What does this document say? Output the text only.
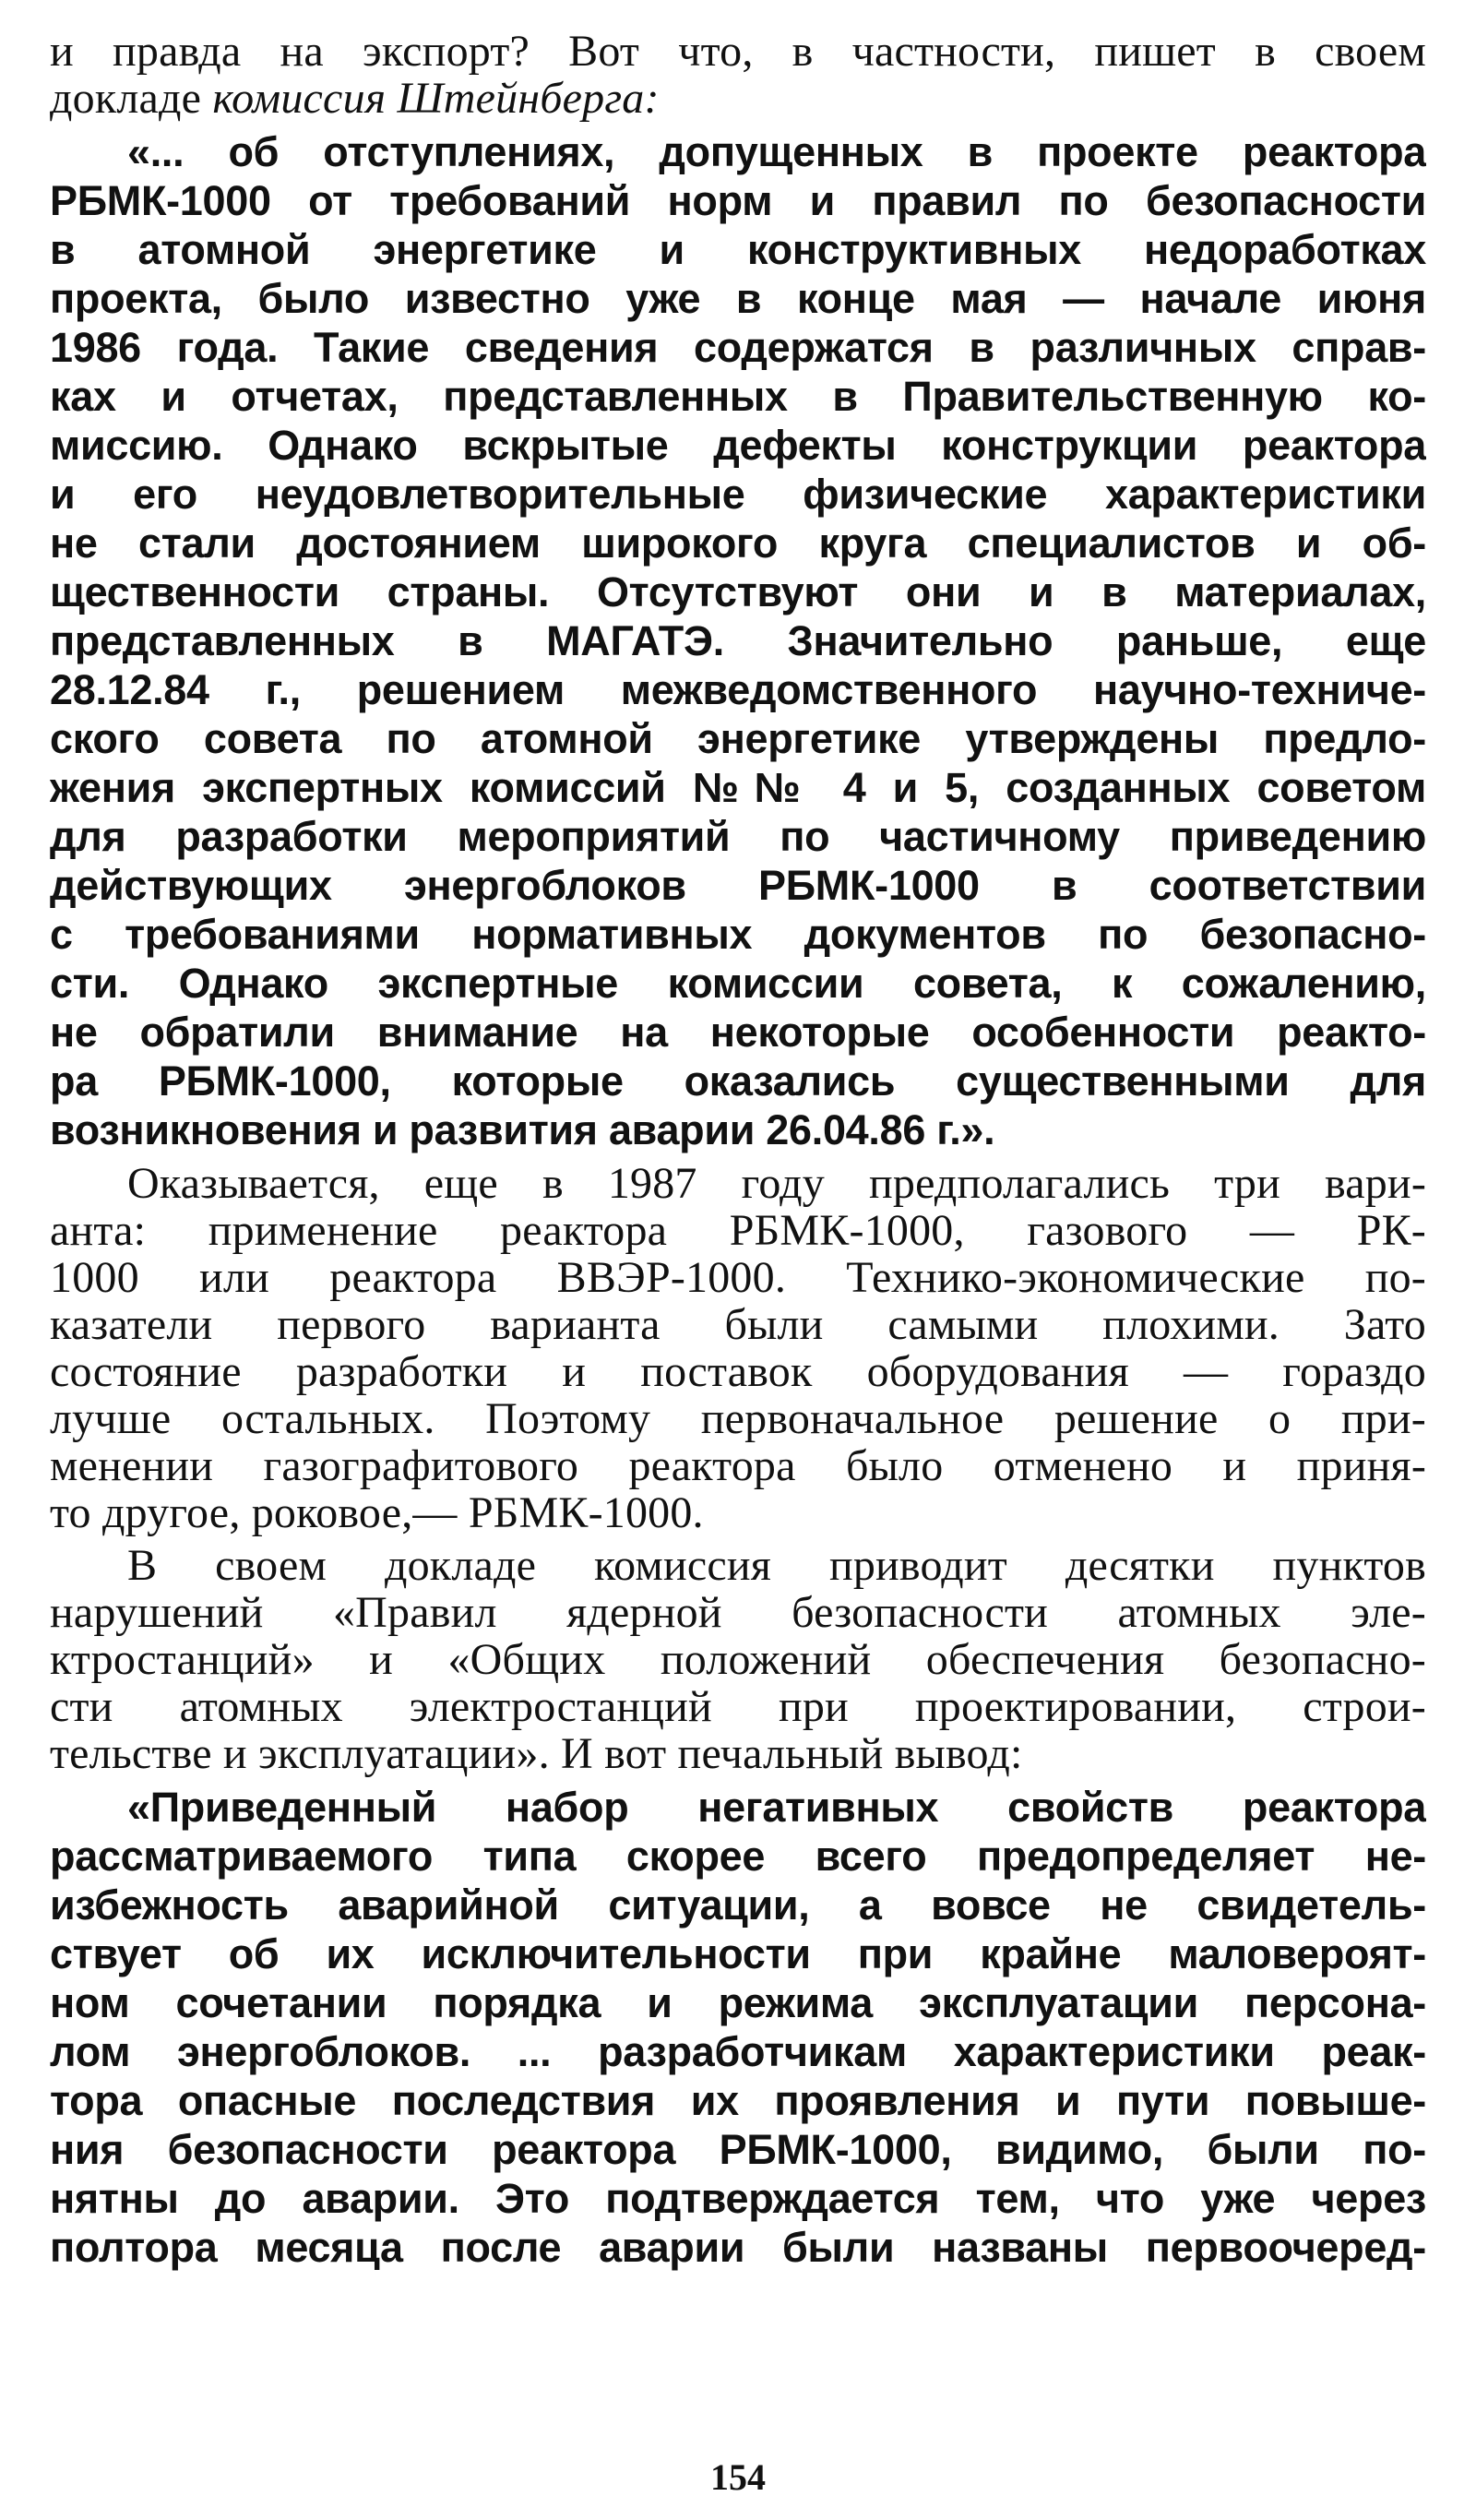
и правда на экспорт? Вот что, в частности, пишет в своем
докладе комиссия Штейнберга:
«... об отступлениях, допущенных в проекте реактора
РБМК-1000 от требований норм и правил по безопасности
в атомной энергетике и конструктивных недоработках
проекта, было известно уже в конце мая — начале июня
1986 года. Такие сведения содержатся в различных справ-
ках и отчетах, представленных в Правительственную ко-
миссию. Однако вскрытые дефекты конструкции реактора
и его неудовлетворительные физические характеристики
не стали достоянием широкого круга специалистов и об-
щественности страны. Отсутствуют они и в материалах,
представленных в МАГАТЭ. Значительно раньше, еще
28.12.84 г., решением межведомственного научно-техниче-
ского совета по атомной энергетике утверждены предло-
жения экспертных комиссий №№ 4 и 5, созданных советом
для разработки мероприятий по частичному приведению
действующих энергоблоков РБМК-1000 в соответствии
с требованиями нормативных документов по безопасно-
сти. Однако экспертные комиссии совета, к сожалению,
не обратили внимание на некоторые особенности реакто-
ра РБМК-1000, которые оказались существенными для
возникновения и развития аварии 26.04.86 г.».
Оказывается, еще в 1987 году предполагались три вари-
анта: применение реактора РБМК-1000, газового — РК-
1000 или реактора ВВЭР-1000. Технико-экономические по-
казатели первого варианта были самыми плохими. Зато
состояние разработки и поставок оборудования — гораздо
лучше остальных. Поэтому первоначальное решение о при-
менении газографитового реактора было отменено и приня-
то другое, роковое,— РБМК-1000.
В своем докладе комиссия приводит десятки пунктов
нарушений «Правил ядерной безопасности атомных эле-
ктростанций» и «Общих положений обеспечения безопасно-
сти атомных электростанций при проектировании, строи-
тельстве и эксплуатации». И вот печальный вывод:
«Приведенный набор негативных свойств реактора
рассматриваемого типа скорее всего предопределяет не-
избежность аварийной ситуации, а вовсе не свидетель-
ствует об их исключительности при крайне маловероят-
ном сочетании порядка и режима эксплуатации персона-
лом энергоблоков. ... разработчикам характеристики реак-
тора опасные последствия их проявления и пути повыше-
ния безопасности реактора РБМК-1000, видимо, были по-
нятны до аварии. Это подтверждается тем, что уже через
полтора месяца после аварии были названы первоочеред-
154
